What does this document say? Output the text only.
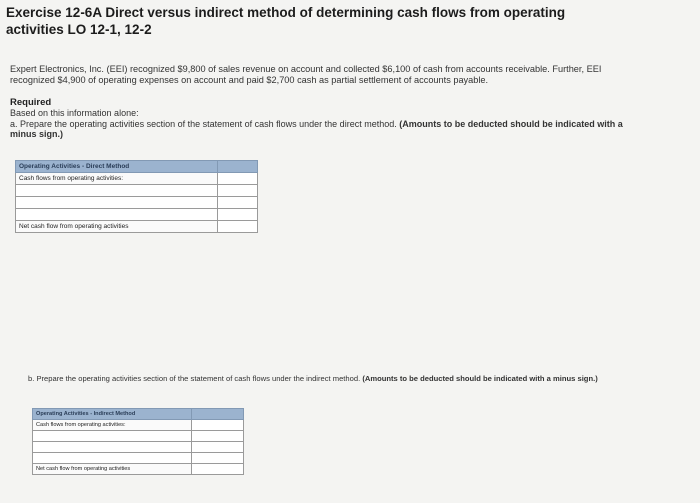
Exercise 12-6A Direct versus indirect method of determining cash flows from operating activities LO 12-1, 12-2
Expert Electronics, Inc. (EEI) recognized $9,800 of sales revenue on account and collected $6,100 of cash from accounts receivable. Further, EEI recognized $4,900 of operating expenses on account and paid $2,700 cash as partial settlement of accounts payable.
Required
Based on this information alone:
a. Prepare the operating activities section of the statement of cash flows under the direct method. (Amounts to be deducted should be indicated with a minus sign.)
Operating Activities - Direct Method	
Cash flows from operating activities:	

Net cash flow from operating activities	
b. Prepare the operating activities section of the statement of cash flows under the indirect method. (Amounts to be deducted should be indicated with a minus sign.)
Operating Activities - Indirect Method	
Cash flows from operating activities:	

Net cash flow from operating activities	
